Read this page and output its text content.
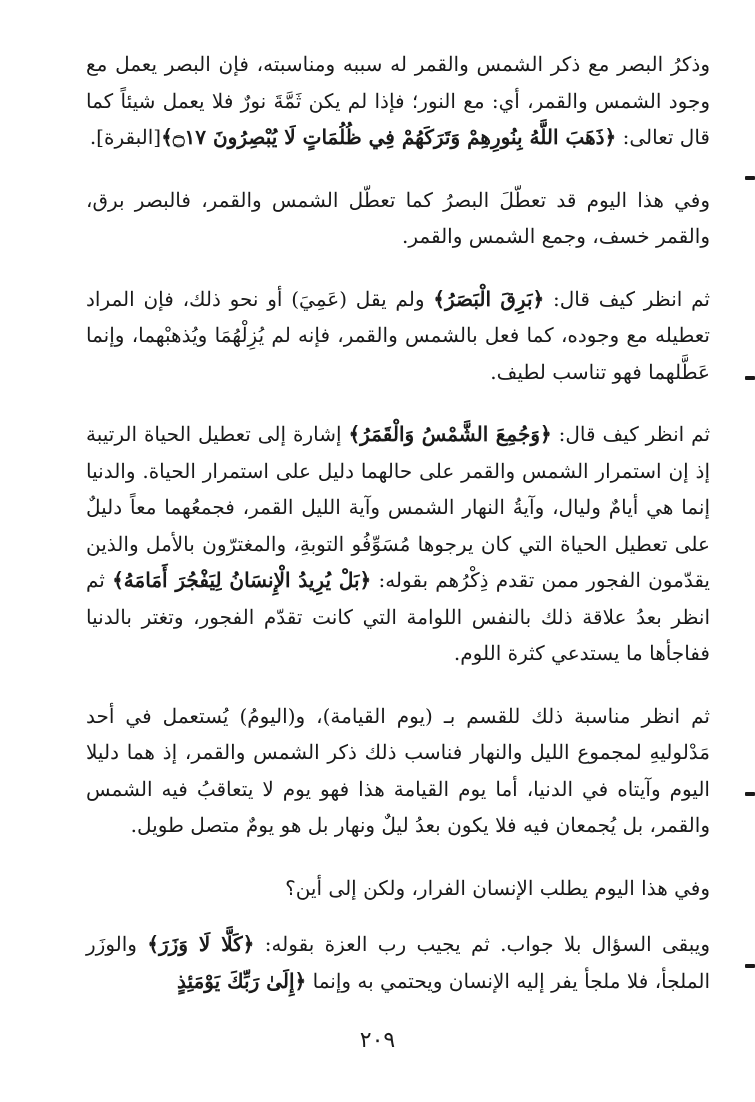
وذكرُ البصر مع ذكر الشمس والقمر له سببه ومناسبته، فإن البصر يعمل مع وجود الشمس والقمر، أي: مع النور؛ فإذا لم يكن ثَمَّةَ نورٌ فلا يعمل شيئاً كما قال تعالى: ﴿ذَهَبَ اللَّهُ بِنُورِهِمْ وَتَرَكَهُمْ فِي ظُلُمَاتٍ لَا يُبْصِرُونَ ۝١٧﴾[البقرة].

وفي هذا اليوم قد تعطّلَ البصرُ كما تعطّل الشمس والقمر، فالبصر برق، والقمر خسف، وجمع الشمس والقمر.

ثم انظر كيف قال: ﴿بَرِقَ الْبَصَرُ﴾ ولم يقل (عَمِيَ) أو نحو ذلك، فإن المراد تعطيله مع وجوده، كما فعل بالشمس والقمر، فإنه لم يُزِلْهُمَا ويُذهبْهما، وإنما عَطَّلهما فهو تناسب لطيف.

ثم انظر كيف قال: ﴿وَجُمِعَ الشَّمْسُ وَالْقَمَرُ﴾ إشارة إلى تعطيل الحياة الرتيبة إذ إن استمرار الشمس والقمر على حالهما دليل على استمرار الحياة. والدنيا إنما هي أيامٌ وليال، وآيةُ النهار الشمس وآية الليل القمر، فجمعُهما معاً دليلٌ على تعطيل الحياة التي كان يرجوها مُسَوِّفُو التوبةِ، والمغترّون بالأمل والذين يقدّمون الفجور ممن تقدم ذِكْرُهم بقوله: ﴿بَلْ يُرِيدُ الْإِنسَانُ لِيَفْجُرَ أَمَامَهُ﴾ ثم انظر بعدُ علاقة ذلك بالنفس اللوامة التي كانت تقدّم الفجور، وتغتر بالدنيا ففاجأها ما يستدعي كثرة اللوم.

ثم انظر مناسبة ذلك للقسم بـ (يوم القيامة)، و(اليومُ) يُستعمل في أحد مَدْلوليهِ لمجموع الليل والنهار فناسب ذلك ذكر الشمس والقمر، إذ هما دليلا اليوم وآيتاه في الدنيا، أما يوم القيامة هذا فهو يوم لا يتعاقبُ فيه الشمس والقمر، بل يُجمعان فيه فلا يكون بعدُ ليلٌ ونهار بل هو يومٌ متصل طويل.

وفي هذا اليوم يطلب الإنسان الفرار، ولكن إلى أين؟

ويبقى السؤال بلا جواب. ثم يجيب رب العزة بقوله: ﴿كَلَّا لَا وَزَرَ﴾ والوزَر الملجأ، فلا ملجأ يفر إليه الإنسان ويحتمي به وإنما ﴿إِلَىٰ رَبِّكَ يَوْمَئِذٍ

٢٠٩
